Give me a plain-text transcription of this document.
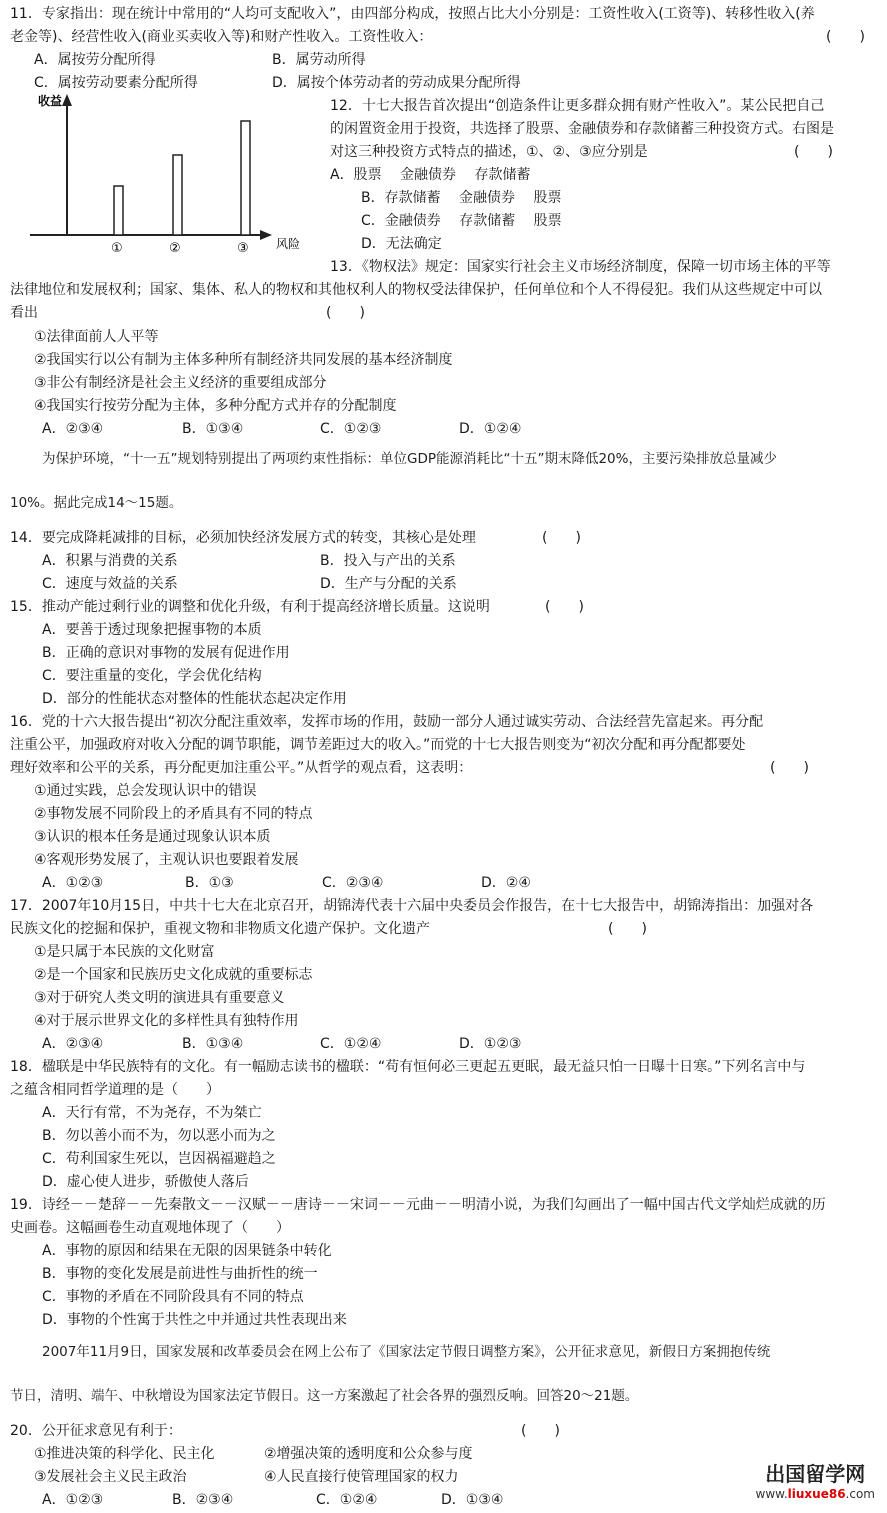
11．专家指出：现在统计中常用的“人均可支配收入”，由四部分构成，按照占比大小分别是：工资性收入(工资等)、转移性收入(养
老金等)、经营性收入(商业买卖收入等)和财产性收入。工资性收入：	(　　)
A．属按劳分配所得	B．属劳动所得
C．属按劳动要素分配所得	D．属按个体劳动者的劳动成果分配所得
收益
风险
①	②	③
12．十七大报告首次提出“创造条件让更多群众拥有财产性收入”。某公民把自己
的闲置资金用于投资，共选择了股票、金融债券和存款储蓄三种投资方式。右图是
对这三种投资方式特点的描述，①、②、③应分别是	(　　)
A．股票　 金融债券　 存款储蓄
B．存款储蓄　 金融债券　 股票
C．金融债券　 存款储蓄　 股票
D．无法确定
13．《物权法》规定：国家实行社会主义市场经济制度，保障一切市场主体的平等
法律地位和发展权利；国家、集体、私人的物权和其他权利人的物权受法律保护，任何单位和个人不得侵犯。我们从这些规定中可以
看出	(　　)
①法律面前人人平等
②我国实行以公有制为主体多种所有制经济共同发展的基本经济制度
③非公有制经济是社会主义经济的重要组成部分
④我国实行按劳分配为主体，多种分配方式并存的分配制度
A．②③④	B．①③④	C．①②③	D．①②④
为保护环境，“十一五”规划特别提出了两项约束性指标：单位GDP能源消耗比“十五”期末降低20%，主要污染排放总量减少
10%。据此完成14～15题。
14．要完成降耗减排的目标，必须加快经济发展方式的转变，其核心是处理	(　　)
A．积累与消费的关系	B．投入与产出的关系
C．速度与效益的关系	D．生产与分配的关系
15．推动产能过剩行业的调整和优化升级，有利于提高经济增长质量。这说明	(　　)
A．要善于透过现象把握事物的本质
B．正确的意识对事物的发展有促进作用
C．要注重量的变化，学会优化结构
D．部分的性能状态对整体的性能状态起决定作用
16．党的十六大报告提出“初次分配注重效率，发挥市场的作用，鼓励一部分人通过诚实劳动、合法经营先富起来。再分配
注重公平，加强政府对收入分配的调节职能，调节差距过大的收入。”而党的十七大报告则变为“初次分配和再分配都要处
理好效率和公平的关系，再分配更加注重公平。”从哲学的观点看，这表明：	(　　)
①通过实践，总会发现认识中的错误
②事物发展不同阶段上的矛盾具有不同的特点
③认识的根本任务是通过现象认识本质
④客观形势发展了，主观认识也要跟着发展
A．①②③	B．①③	C．②③④	D．②④
17．2007年10月15日，中共十七大在北京召开，胡锦涛代表十六届中央委员会作报告，在十七大报告中，胡锦涛指出：加强对各
民族文化的挖掘和保护，重视文物和非物质文化遗产保护。文化遗产	(　　)
①是只属于本民族的文化财富
②是一个国家和民族历史文化成就的重要标志
③对于研究人类文明的演进具有重要意义
④对于展示世界文化的多样性具有独特作用
A．②③④	B．①③④	C．①②④	D．①②③
18．楹联是中华民族特有的文化。有一幅励志读书的楹联：“苟有恒何必三更起五更眠，最无益只怕一日曝十日寒。”下列名言中与
之蕴含相同哲学道理的是（　　）
A．天行有常，不为尧存，不为桀亡
B．勿以善小而不为，勿以恶小而为之
C．苟利国家生死以，岂因祸福避趋之
D．虚心使人进步，骄傲使人落后
19．诗经－－楚辞－－先秦散文－－汉赋－－唐诗－－宋词－－元曲－－明清小说，为我们勾画出了一幅中国古代文学灿烂成就的历
史画卷。这幅画卷生动直观地体现了（　　）
A．事物的原因和结果在无限的因果链条中转化
B．事物的变化发展是前进性与曲折性的统一
C．事物的矛盾在不同阶段具有不同的特点
D．事物的个性寓于共性之中并通过共性表现出来
2007年11月9日，国家发展和改革委员会在网上公布了《国家法定节假日调整方案》，公开征求意见，新假日方案拥抱传统
节日，清明、端午、中秋增设为国家法定节假日。这一方案激起了社会各界的强烈反响。回答20～21题。
20．公开征求意见有利于：	(　　)
①推进决策的科学化、民主化	②增强决策的透明度和公众参与度
③发展社会主义民主政治	④人民直接行使管理国家的权力
A．①②③	B．②③④	C．①②④	D．①③④
出国留学网
www.liuxue86.com
